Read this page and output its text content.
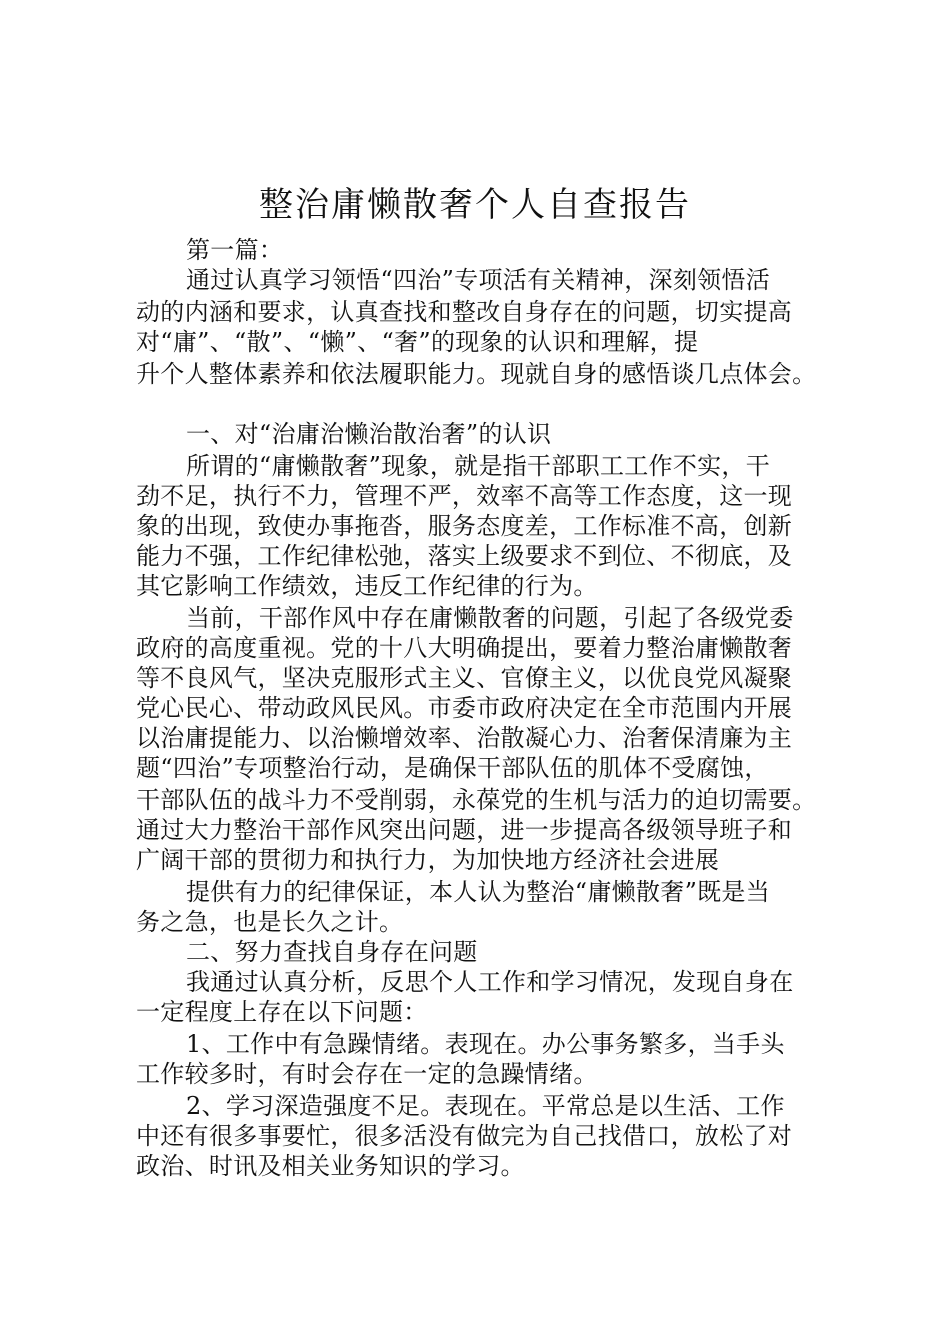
整治庸懒散奢个人自查报告
第一篇：
通过认真学习领悟“四治”专项活有关精神，深刻领悟活
动的内涵和要求，认真查找和整改自身存在的问题，切实提高
对“庸”、“散”、“懒”、“奢”的现象的认识和理解，提
升个人整体素养和依法履职能力。现就自身的感悟谈几点体会。
一、对“治庸治懒治散治奢”的认识
所谓的“庸懒散奢”现象，就是指干部职工工作不实，干
劲不足，执行不力，管理不严，效率不高等工作态度，这一现
象的出现，致使办事拖沓，服务态度差，工作标准不高，创新
能力不强，工作纪律松弛，落实上级要求不到位、不彻底，及
其它影响工作绩效，违反工作纪律的行为。
当前，干部作风中存在庸懒散奢的问题，引起了各级党委
政府的高度重视。党的十八大明确提出，要着力整治庸懒散奢
等不良风气，坚决克服形式主义、官僚主义，以优良党风凝聚
党心民心、带动政风民风。市委市政府决定在全市范围内开展
以治庸提能力、以治懒增效率、治散凝心力、治奢保清廉为主
题“四治”专项整治行动，是确保干部队伍的肌体不受腐蚀，
干部队伍的战斗力不受削弱，永葆党的生机与活力的迫切需要。
通过大力整治干部作风突出问题，进一步提高各级领导班子和
广阔干部的贯彻力和执行力，为加快地方经济社会进展
提供有力的纪律保证，本人认为整治“庸懒散奢”既是当
务之急，也是长久之计。
二、努力查找自身存在问题
我通过认真分析，反思个人工作和学习情况，发现自身在
一定程度上存在以下问题：
1、工作中有急躁情绪。表现在。办公事务繁多，当手头
工作较多时，有时会存在一定的急躁情绪。
2、学习深造强度不足。表现在。平常总是以生活、工作
中还有很多事要忙，很多活没有做完为自己找借口，放松了对
政治、时讯及相关业务知识的学习。
